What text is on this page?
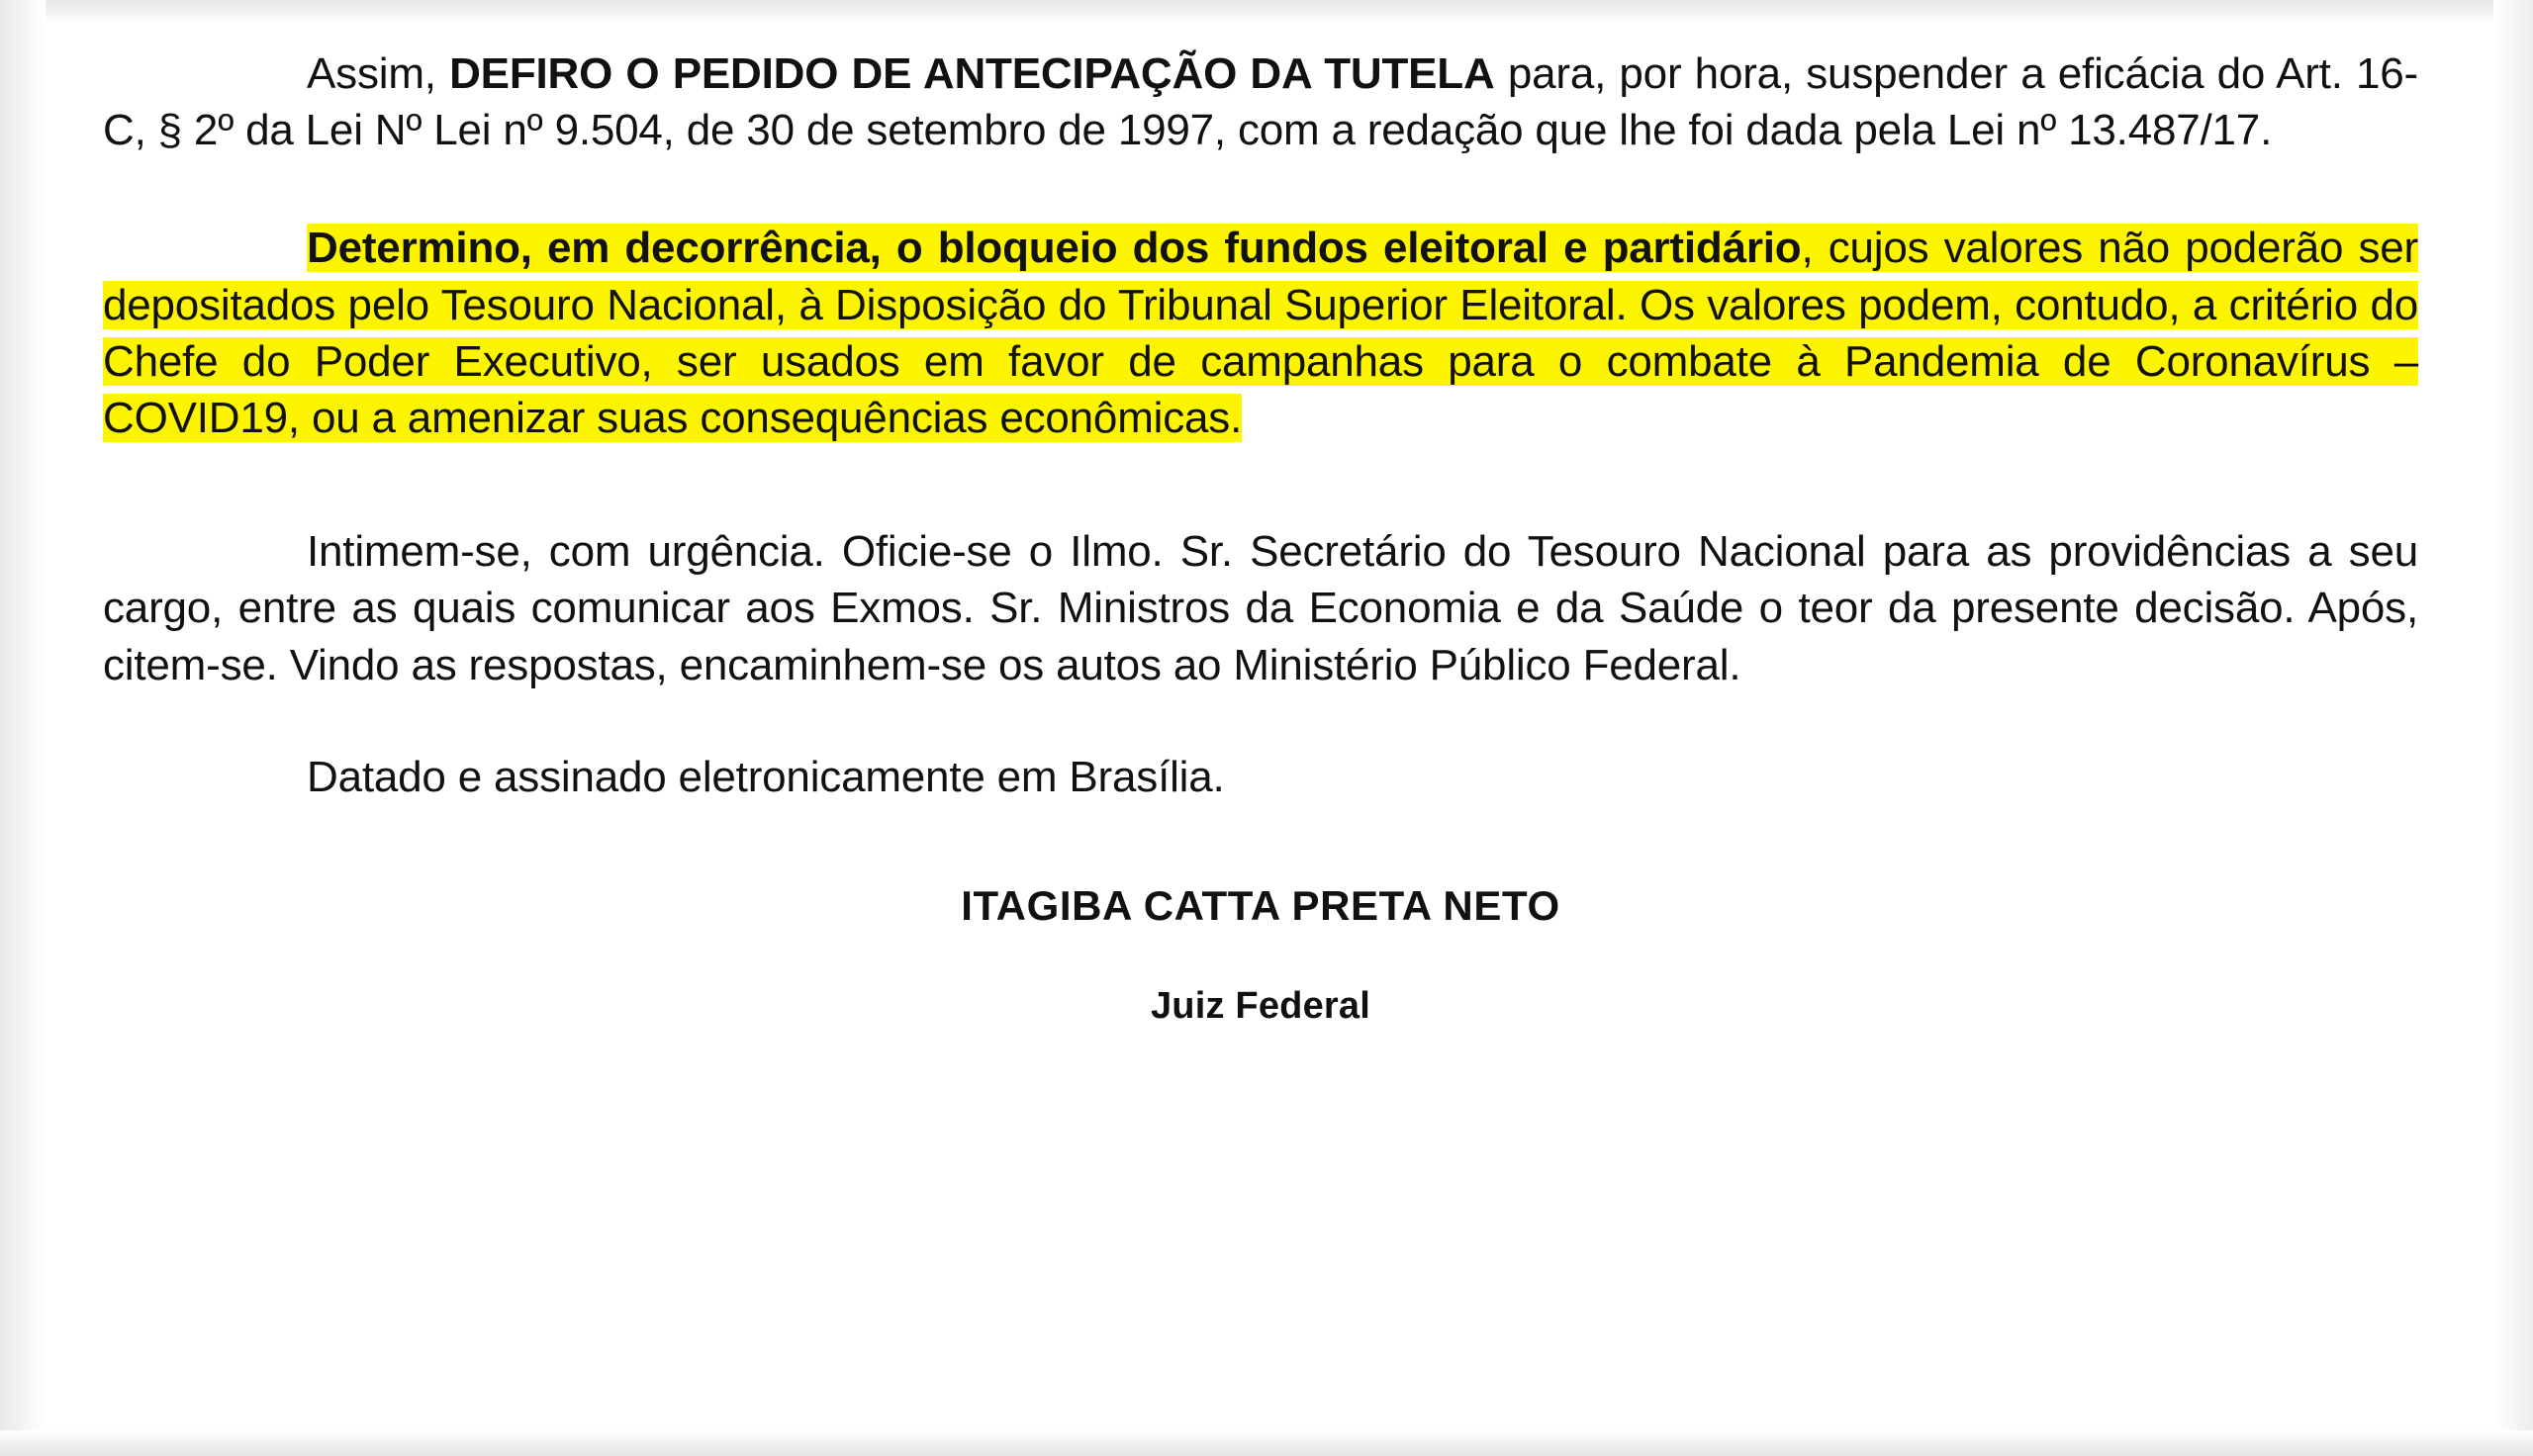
Assim, DEFIRO O PEDIDO DE ANTECIPAÇÃO DA TUTELA para, por hora, suspender a eficácia do Art. 16-C, § 2º da Lei Nº Lei nº 9.504, de 30 de setembro de 1997, com a redação que lhe foi dada pela Lei nº 13.487/17.

Determino, em decorrência, o bloqueio dos fundos eleitoral e partidário, cujos valores não poderão ser depositados pelo Tesouro Nacional, à Disposição do Tribunal Superior Eleitoral. Os valores podem, contudo, a critério do Chefe do Poder Executivo, ser usados em favor de campanhas para o combate à Pandemia de Coronavírus – COVID19, ou a amenizar suas consequências econômicas.

Intimem-se, com urgência. Oficie-se o Ilmo. Sr. Secretário do Tesouro Nacional para as providências a seu cargo, entre as quais comunicar aos Exmos. Sr. Ministros da Economia e da Saúde o teor da presente decisão. Após, citem-se. Vindo as respostas, encaminhem-se os autos ao Ministério Público Federal.

Datado e assinado eletronicamente em Brasília.

ITAGIBA CATTA PRETA NETO

Juiz Federal
